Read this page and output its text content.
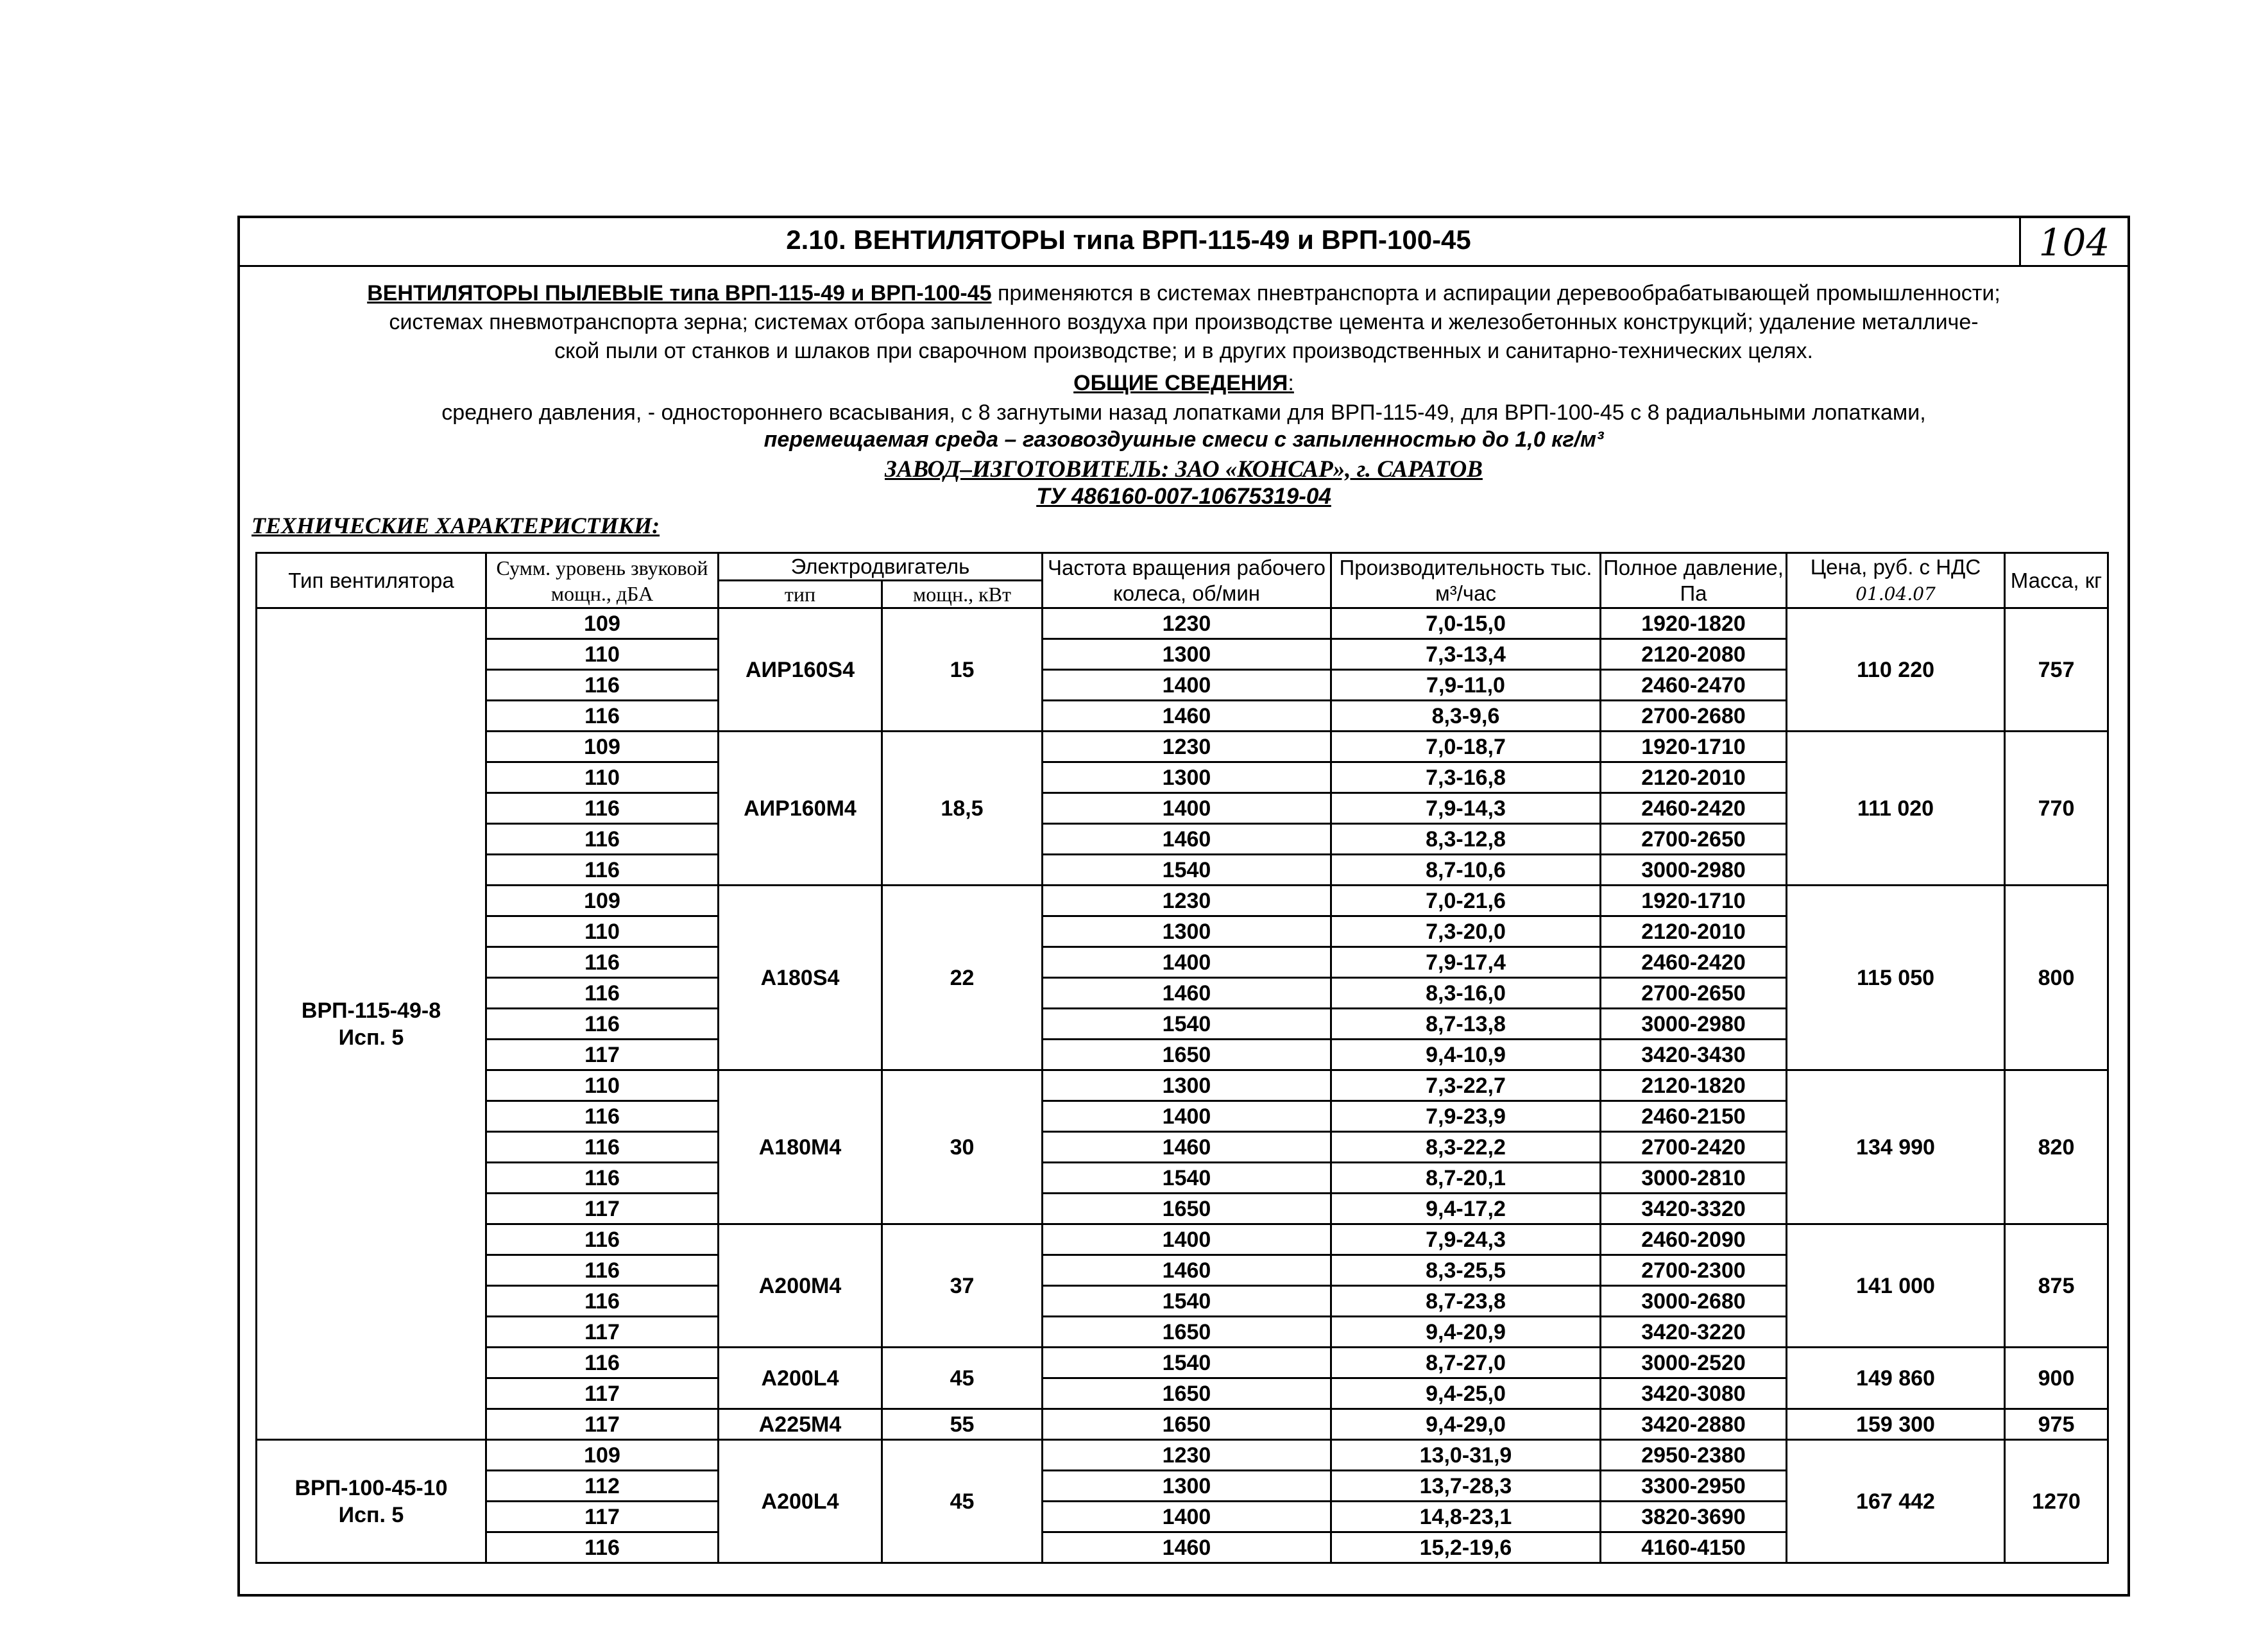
2.10. ВЕНТИЛЯТОРЫ типа ВРП-115-49 и ВРП-100-45	104
ВЕНТИЛЯТОРЫ ПЫЛЕВЫЕ типа ВРП-115-49 и ВРП-100-45 применяются в системах пневтранспорта и аспирации деревообрабатывающей промышленности;
системах пневмотранспорта зерна; системах отбора запыленного воздуха при производстве цемента и железобетонных конструкций; удаление металличе-
ской пыли от станков и шлаков при сварочном производстве; и в других производственных и санитарно-технических целях.
ОБЩИЕ СВЕДЕНИЯ:
среднего давления, - одностороннего всасывания, с 8 загнутыми назад лопатками для ВРП-115-49, для ВРП-100-45 с 8 радиальными лопатками,
перемещаемая среда – газовоздушные смеси с запыленностью до 1,0 кг/м³
ЗАВОД–ИЗГОТОВИТЕЛЬ: ЗАО «КОНСАР», г. САРАТОВ
ТУ 486160-007-10675319-04
ТЕХНИЧЕСКИЕ ХАРАКТЕРИСТИКИ:
Тип вентилятора	Сумм. уровень звуковой мощн., дБА	Электродвигатель		Частота вращения рабочего колеса, об/мин	Производительность тыс. м³/час	Полное давление, Па	Цена, руб. с НДС 01.04.07	Масса, кг
		тип	мощн., кВт					

ВРП-115-49-8
Исп. 5	109	АИР160S4	15	1230	7,0-15,0	1920-1820	110 220	757
	110			1300	7,3-13,4	2120-2080		
	116			1400	7,9-11,0	2460-2470		
	116			1460	8,3-9,6	2700-2680		
	109	АИР160М4	18,5	1230	7,0-18,7	1920-1710	111 020	770
	110			1300	7,3-16,8	2120-2010		
	116			1400	7,9-14,3	2460-2420		
	116			1460	8,3-12,8	2700-2650		
	116			1540	8,7-10,6	3000-2980		
	109	А180S4	22	1230	7,0-21,6	1920-1710	115 050	800
	110			1300	7,3-20,0	2120-2010		
	116			1400	7,9-17,4	2460-2420		
	116			1460	8,3-16,0	2700-2650		
	116			1540	8,7-13,8	3000-2980		
	117			1650	9,4-10,9	3420-3430		
	110	А180М4	30	1300	7,3-22,7	2120-1820	134 990	820
	116			1400	7,9-23,9	2460-2150		
	116			1460	8,3-22,2	2700-2420		
	116			1540	8,7-20,1	3000-2810		
	117			1650	9,4-17,2	3420-3320		
	116	А200М4	37	1400	7,9-24,3	2460-2090	141 000	875
	116			1460	8,3-25,5	2700-2300		
	116			1540	8,7-23,8	3000-2680		
	117			1650	9,4-20,9	3420-3220		
	116	А200L4	45	1540	8,7-27,0	3000-2520	149 860	900
	117			1650	9,4-25,0	3420-3080		
	117	А225М4	55	1650	9,4-29,0	3420-2880	159 300	975

ВРП-100-45-10
Исп. 5	109	А200L4	45	1230	13,0-31,9	2950-2380	167 442	1270
	112			1300	13,7-28,3	3300-2950		
	117			1400	14,8-23,1	3820-3690		
	116			1460	15,2-19,6	4160-4150		
